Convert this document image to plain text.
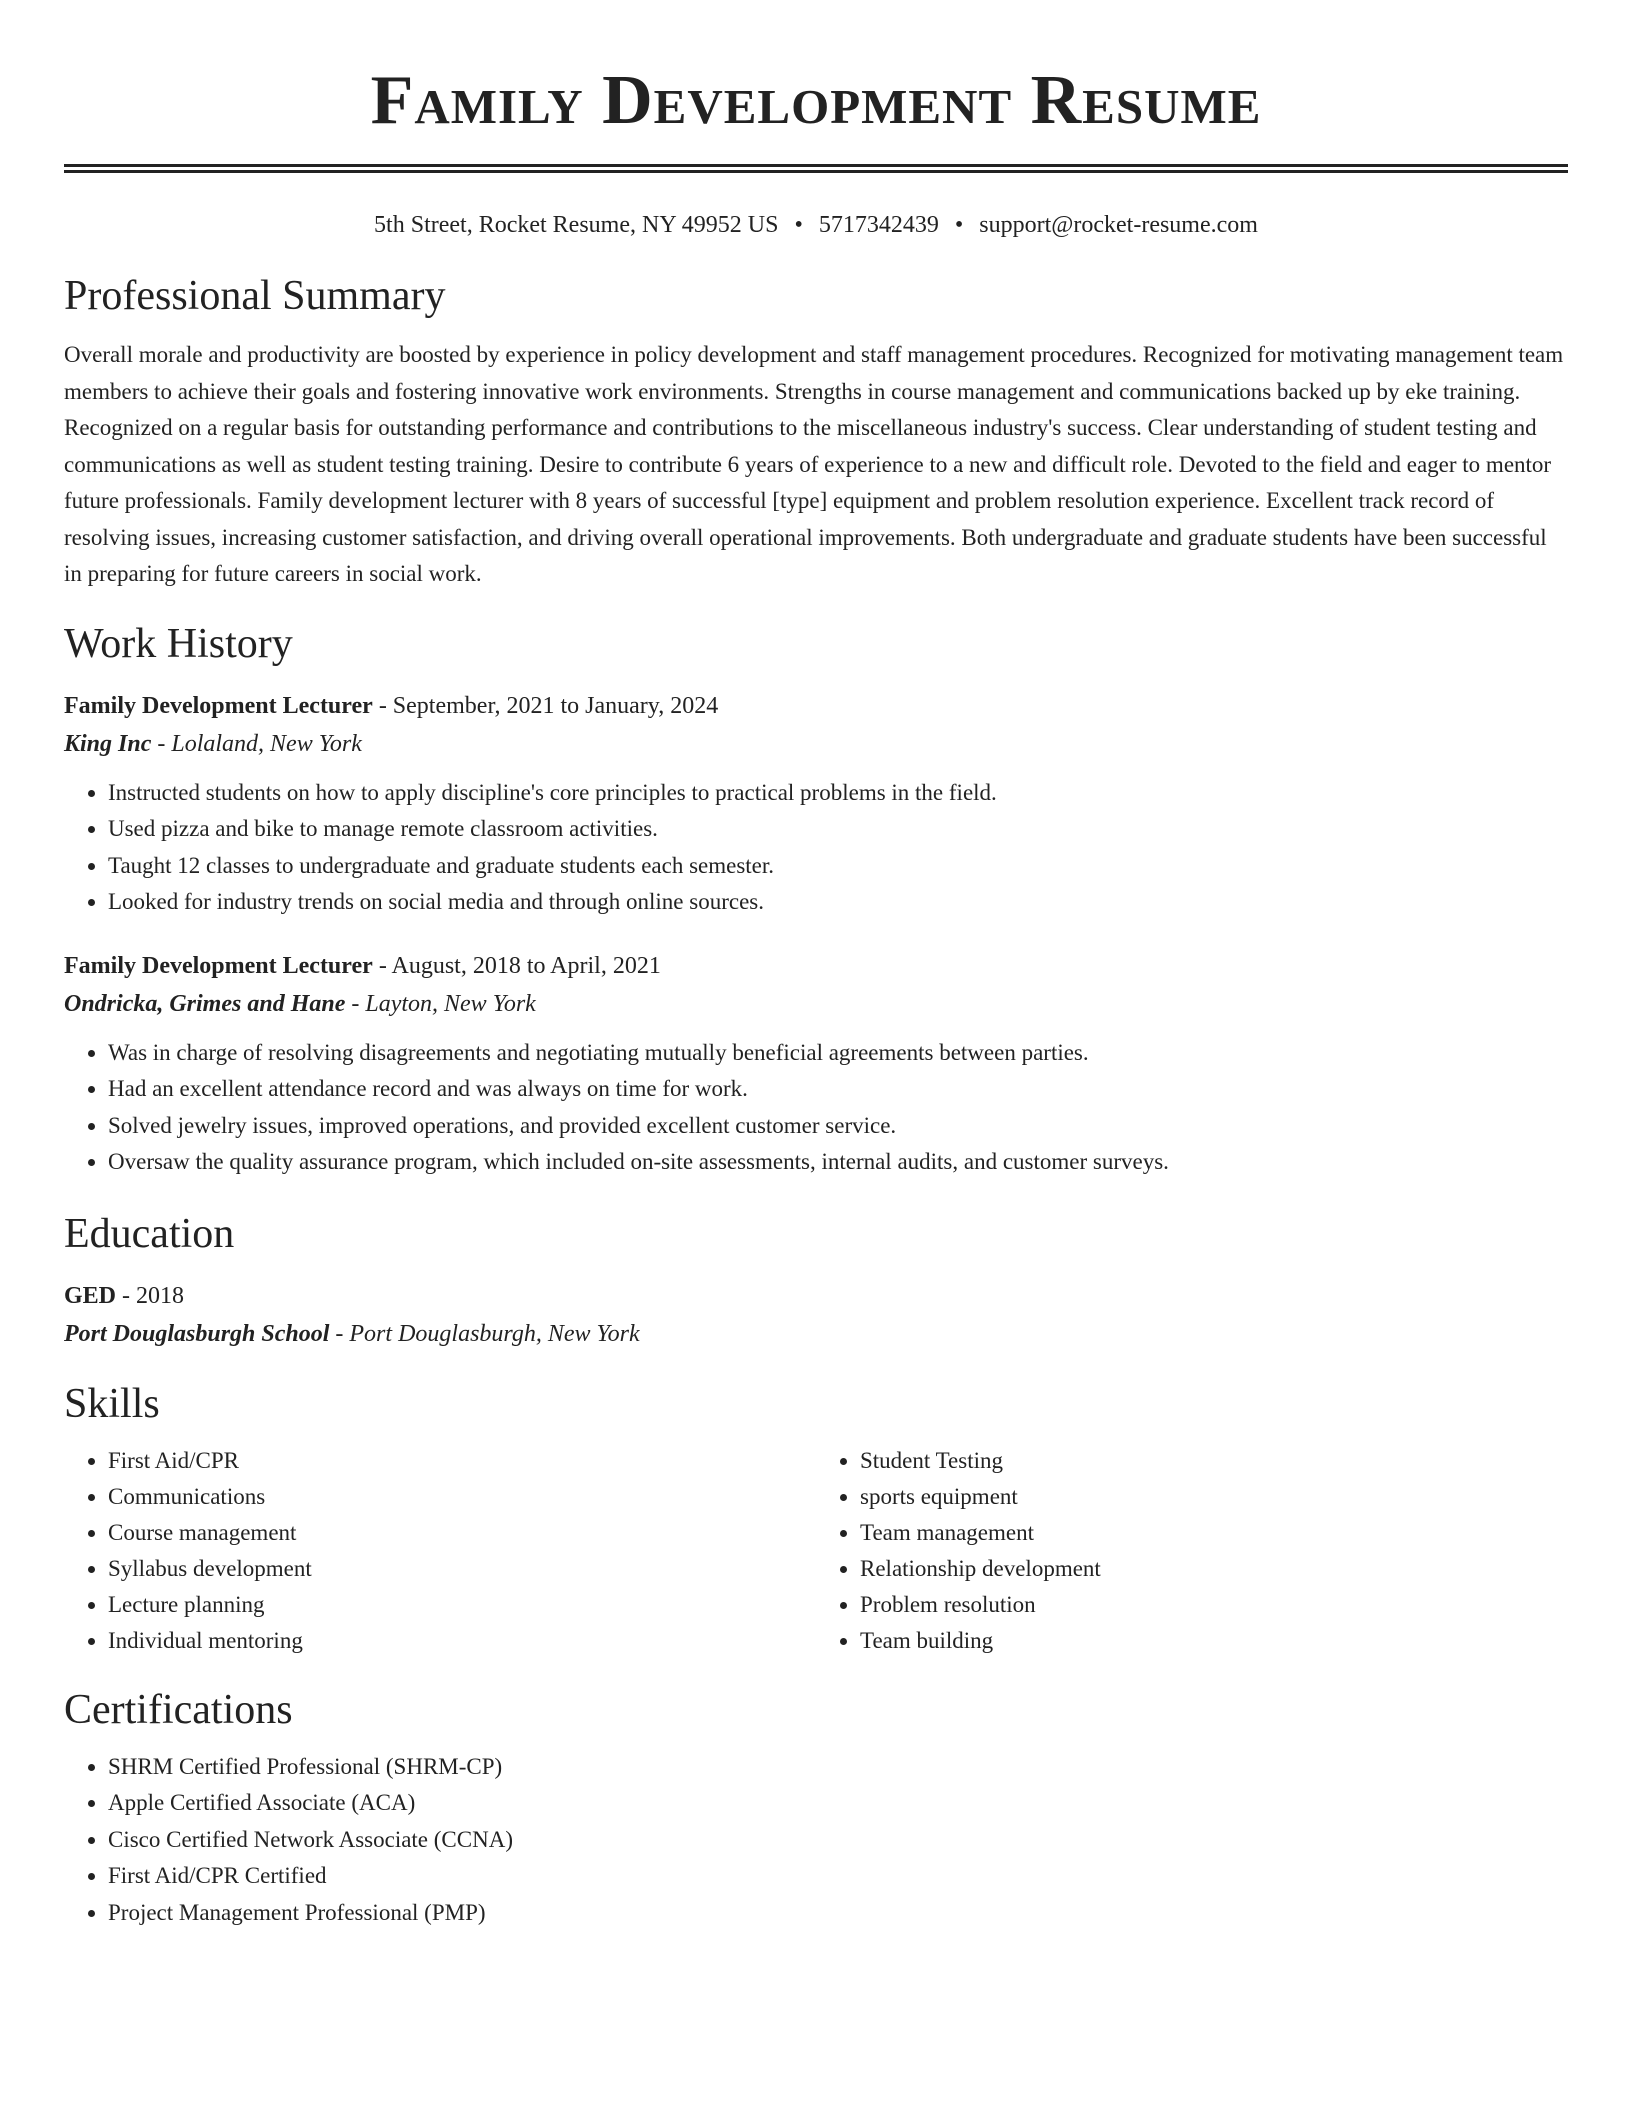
Family Development Resume
5th Street, Rocket Resume, NY 49952 US • 5717342439 • support@rocket-resume.com
Professional Summary

Overall morale and productivity are boosted by experience in policy development and staff management procedures. Recognized for motivating management team members to achieve their goals and fostering innovative work environments. Strengths in course management and communications backed up by eke training. Recognized on a regular basis for outstanding performance and contributions to the miscellaneous industry's success. Clear understanding of student testing and communications as well as student testing training. Desire to contribute 6 years of experience to a new and difficult role. Devoted to the field and eager to mentor future professionals. Family development lecturer with 8 years of successful [type] equipment and problem resolution experience. Excellent track record of resolving issues, increasing customer satisfaction, and driving overall operational improvements. Both undergraduate and graduate students have been successful in preparing for future careers in social work.

Work History
Family Development Lecturer - September, 2021 to January, 2024
King Inc - Lolaland, New York
• Instructed students on how to apply discipline's core principles to practical problems in the field.
• Used pizza and bike to manage remote classroom activities.
• Taught 12 classes to undergraduate and graduate students each semester.
• Looked for industry trends on social media and through online sources.
Family Development Lecturer - August, 2018 to April, 2021
Ondricka, Grimes and Hane - Layton, New York
• Was in charge of resolving disagreements and negotiating mutually beneficial agreements between parties.
• Had an excellent attendance record and was always on time for work.
• Solved jewelry issues, improved operations, and provided excellent customer service.
• Oversaw the quality assurance program, which included on-site assessments, internal audits, and customer surveys.
Education
GED - 2018
Port Douglasburgh School - Port Douglasburgh, New York
Skills
• First Aid/CPR
• Communications
• Course management
• Syllabus development
• Lecture planning
• Individual mentoring
• Student Testing
• sports equipment
• Team management
• Relationship development
• Problem resolution
• Team building
Certifications
• SHRM Certified Professional (SHRM-CP)
• Apple Certified Associate (ACA)
• Cisco Certified Network Associate (CCNA)
• First Aid/CPR Certified
• Project Management Professional (PMP)
